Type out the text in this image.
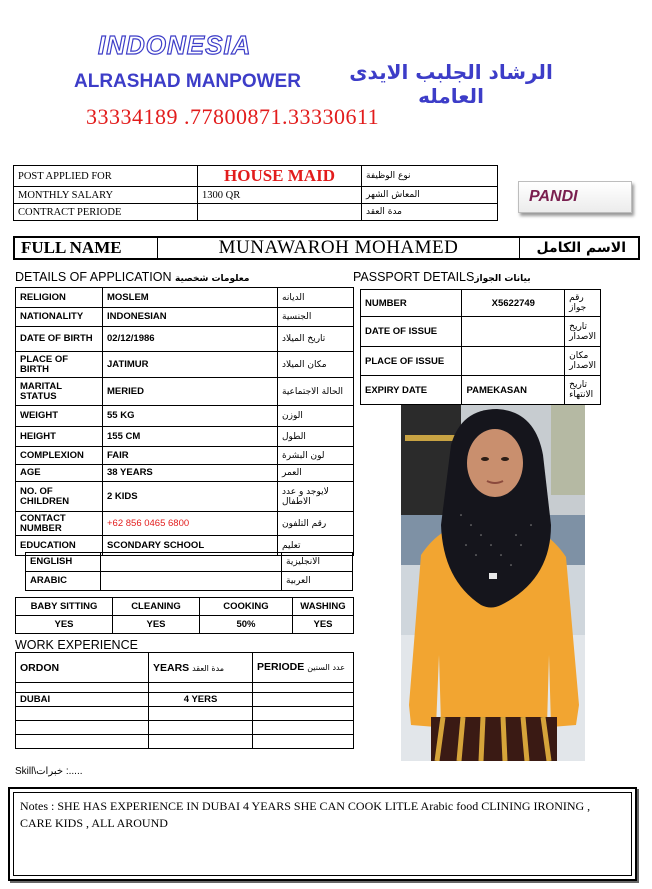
INDONESIA
ALRASHAD MANPOWER	الرشاد الجلبب الايدى العامله
33334189 .77800871.33330611
POST APPLIED FOR	HOUSE MAID	نوع الوظيفة
MONTHLY SALARY	1300 QR	المعاش الشهر
CONTRACT PERIODE		مدة العقد
PANDI
FULL NAME	MUNAWAROH MOHAMED	الاسم الكامل
DETAILS OF APPLICATION معلومات شخصية	PASSPORT DETAILSبيانات الجواز
RELIGION	MOSLEM	الديانه
NATIONALITY	INDONESIAN	الجنسية
DATE OF BIRTH	02/12/1986	تاريخ الميلاد
PLACE OF BIRTH	JATIMUR	مكان الميلاد
MARITAL STATUS	MERIED	الحالة الاجتماعية
WEIGHT	55 KG	الوزن
HEIGHT	155 CM	الطول
COMPLEXION	FAIR	لون البشرة
AGE	38 YEARS	العمر
NO. OF CHILDREN	2 KIDS	لايوجد و عدد الاطفال
CONTACT NUMBER	+62 856 0465 6800	رقم التلفون
EDUCATION	SCONDARY SCHOOL	تعليم
ENGLISH		الانجليزية
ARABIC		العربية
NUMBER	X5622749	رقم جواز
DATE OF ISSUE		تاريخ الاصدار
PLACE OF ISSUE		مكان الاصدار
EXPIRY DATE	PAMEKASAN	تاريخ الانتهاء
BABY SITTING	CLEANING	COOKING	WASHING
YES	YES	50%	YES
WORK EXPERIENCE
ORDON	YEARS مدة العقد	PERIODE عدد السنين

DUBAI	4 YERS	

Skill\خبرات :.....
Notes : SHE HAS EXPERIENCE IN DUBAI 4 YEARS SHE CAN COOK LITLE Arabic food CLINING IRONING , CARE KIDS , ALL AROUND
